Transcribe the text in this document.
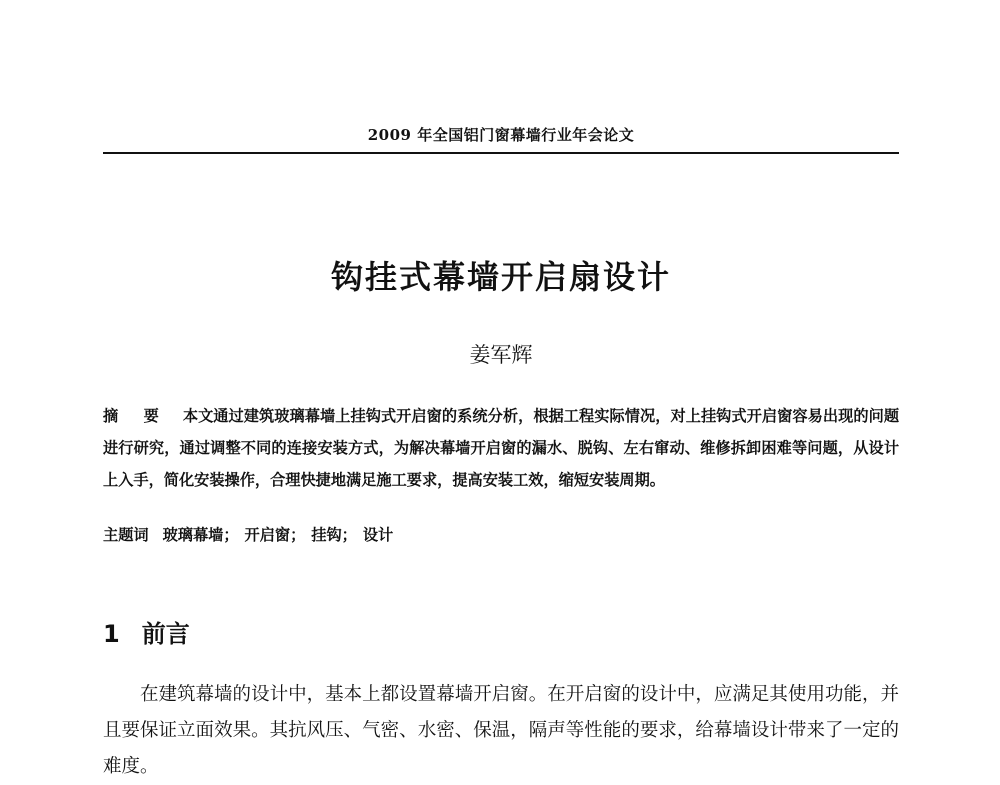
2009 年全国铝门窗幕墙行业年会论文
钩挂式幕墙开启扇设计
姜军辉
摘 要 本文通过建筑玻璃幕墙上挂钩式开启窗的系统分析，根据工程实际情况，对上挂钩式开启窗容易出现的问题进行研究，通过调整不同的连接安装方式，为解决幕墙开启窗的漏水、脱钩、左右窜动、维修拆卸困难等问题，从设计上入手，简化安装操作，合理快捷地满足施工要求，提高安装工效，缩短安装周期。
主题词 玻璃幕墙； 开启窗； 挂钩； 设计
1 前言
在建筑幕墙的设计中，基本上都设置幕墙开启窗。在开启窗的设计中，应满足其使用功能，并且要保证立面效果。其抗风压、气密、水密、保温，隔声等性能的要求，给幕墙设计带来了一定的难度。
